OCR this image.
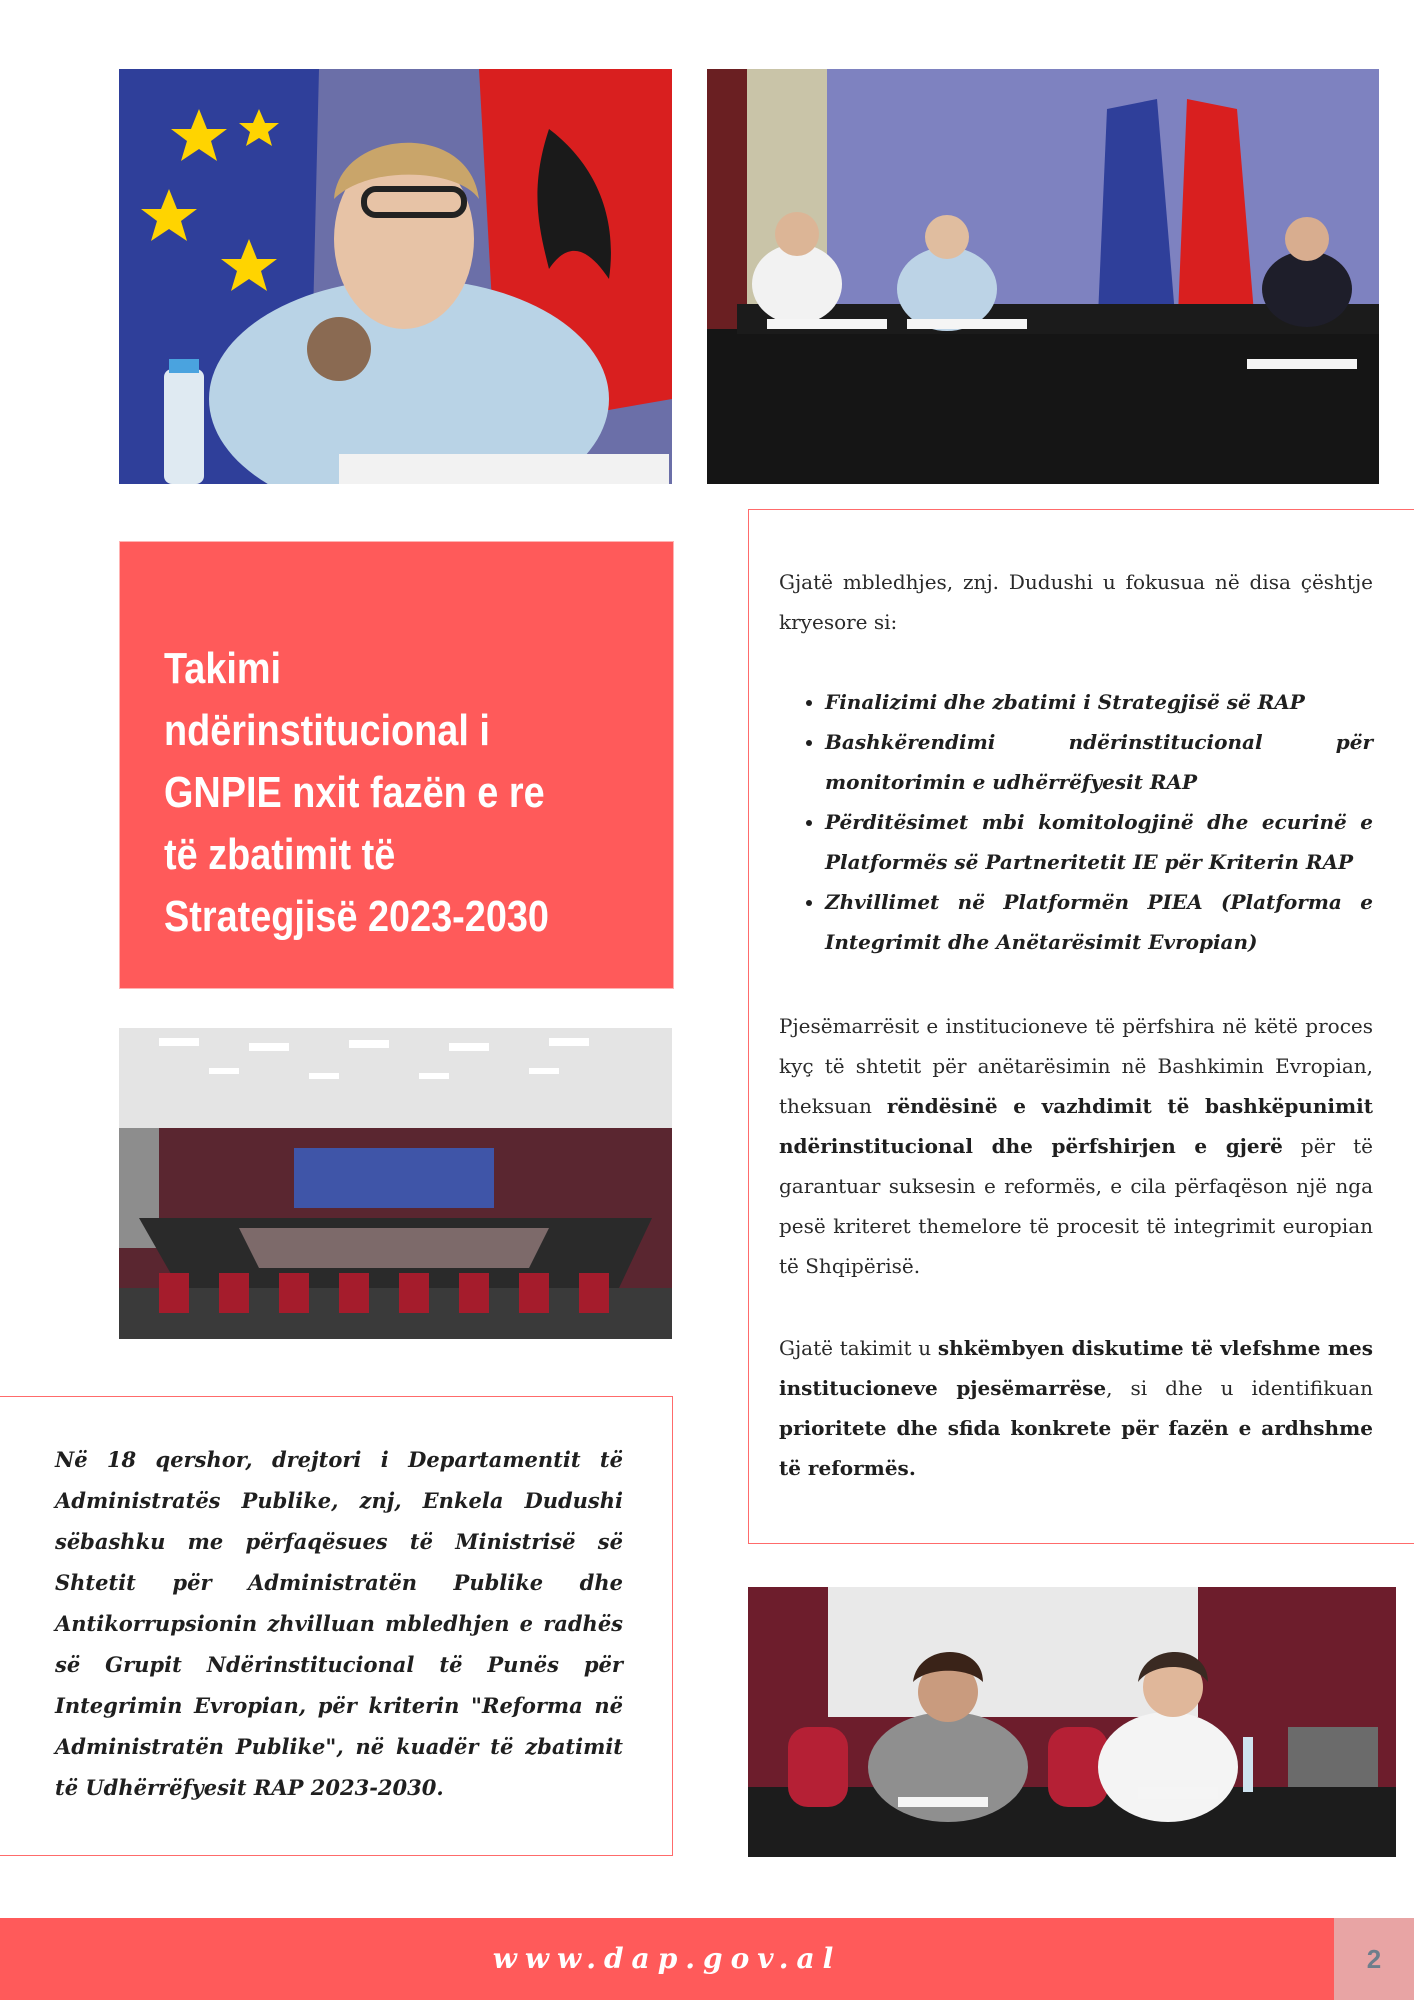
Takimi ndërinstitucional i GNPIE nxit fazën e re të zbatimit të Strategjisë 2023-2030

Në 18 qershor, drejtori i Departamentit të Administratës Publike, znj, Enkela Dudushi sëbashku me përfaqësues të Ministrisë së Shtetit për Administratën Publike dhe Antikorrupsionin zhvilluan mbledhjen e radhës së Grupit Ndërinstitucional të Punës për Integrimin Evropian, për kriterin "Reforma në Administratën Publike", në kuadër të zbatimit të Udhërrëfyesit RAP 2023-2030.

Gjatë mbledhjes, znj. Dudushi u fokusua në disa çështje kryesore si:

• Finalizimi dhe zbatimi i Strategjisë së RAP
• Bashkërendimi ndërinstitucional për monitorimin e udhërrëfyesit RAP
• Përditësimet mbi komitologjinë dhe ecurinë e Platformës së Partneritetit IE për Kriterin RAP
• Zhvillimet në Platformën PIEA (Platforma e Integrimit dhe Anëtarësimit Evropian)

Pjesëmarrësit e institucioneve të përfshira në këtë proces kyç të shtetit për anëtarësimin në Bashkimin Evropian, theksuan rëndësinë e vazhdimit të bashkëpunimit ndërinstitucional dhe përfshirjen e gjerë për të garantuar suksesin e reformës, e cila përfaqëson një nga pesë kriteret themelore të procesit të integrimit europian të Shqipërisë.

Gjatë takimit u shkëmbyen diskutime të vlefshme mes institucioneve pjesëmarrëse, si dhe u identifikuan prioritete dhe sfida konkrete për fazën e ardhshme të reformës.

www.dap.gov.al	2
